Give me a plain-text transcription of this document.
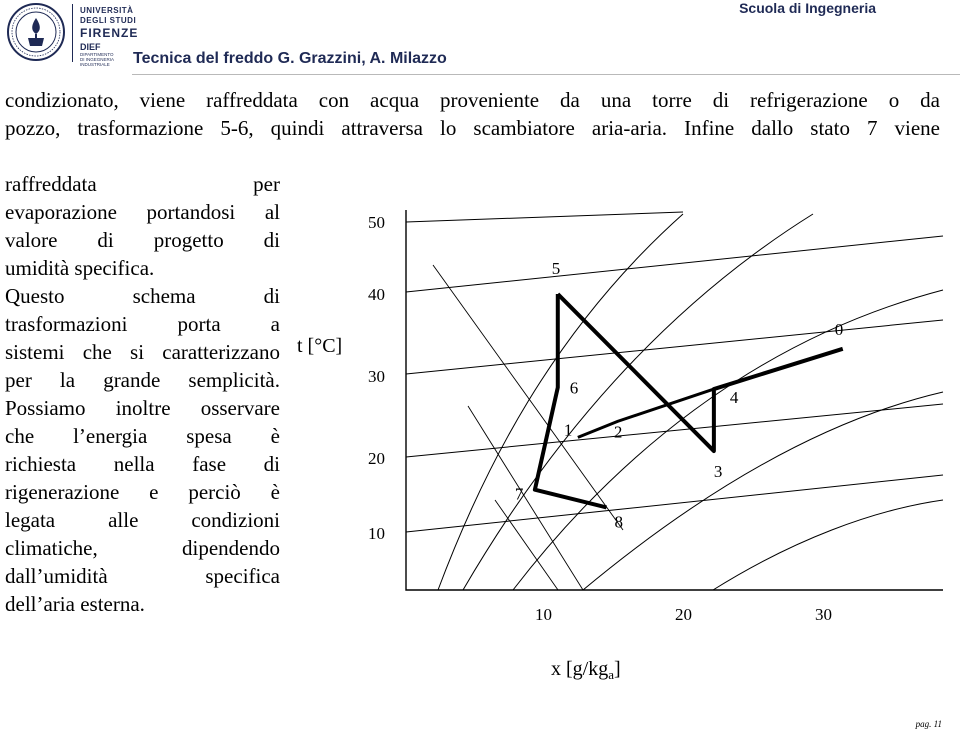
UNIVERSITÀ
DEGLI STUDI
FIRENZE
DIEF
DIPARTIMENTO
DI INGEGNERIA
INDUSTRIALE Tecnica del freddo G. Grazzini, A. Milazzo
Scuola di Ingegneria
condizionato, viene raffreddata con acqua proveniente da una torre di refrigerazione o da
pozzo, trasformazione 5-6, quindi attraversa lo scambiatore aria-aria. Infine dallo stato 7 viene
raffreddata per
evaporazione portandosi al
valore di progetto di
umidità specifica.
Questo schema di
trasformazioni porta a
sistemi che si caratterizzano
per la grande semplicità.
Possiamo inoltre osservare
che l’energia spesa è
richiesta nella fase di
rigenerazione e perciò è
legata alle condizioni
climatiche, dipendendo
dall’umidità specifica
dell’aria esterna.
t [°C]
50
40
30
20
10
10	20	30
x $[g/kg_a]$
5
6
7
8
3
4
0
1 2
pag. 11
